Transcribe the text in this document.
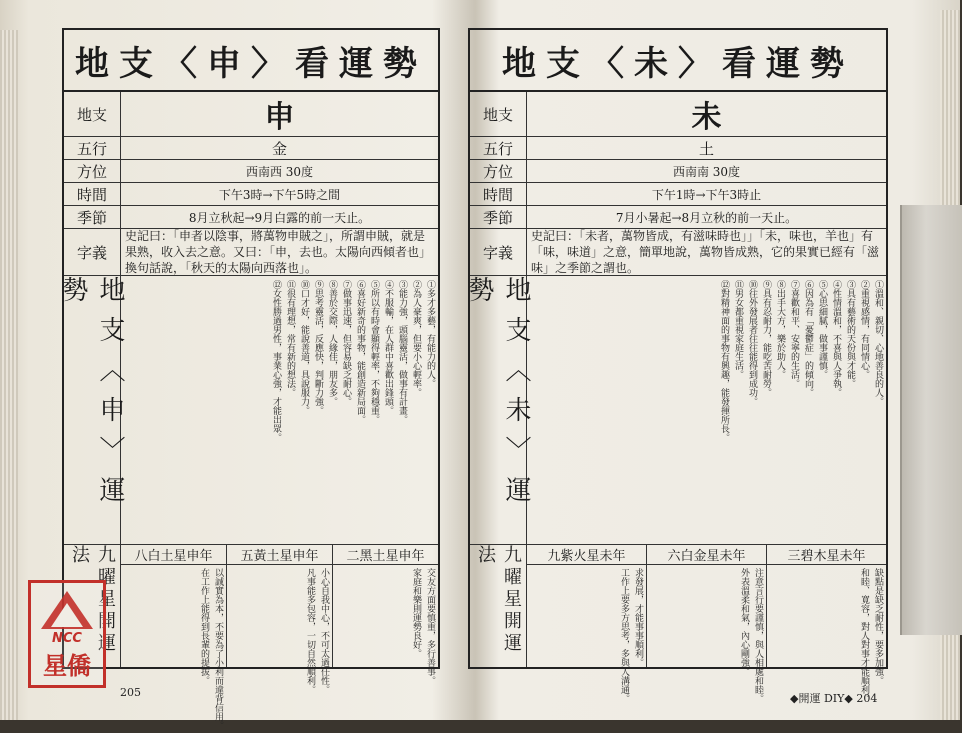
地支〈申〉看運勢
地支	申
五行	金
方位	西南西 30度
時間	下午3時→下午5時之間
季節	8月立秋起→9月白露的前一天止。
字義
史記曰：「申者以陰事，將萬物申賊之」，所謂申賊，就是果熟，收入去之意。又曰：「申，去也。太陽向西傾者也」換句話說，「秋天的太陽向西落也」。
地支〈申〉運勢	①多才多藝，有能力的人。
②為人豪爽，但要小心輕率。
③能力強，頭腦靈活，做事有計畫。
④不服輸，在人群中喜歡出鋒頭。
⑤所以有時會顯得輕率，不夠穩重。
⑥喜好新奇的事物，能創造新局面。
⑦做事迅速，但容易缺乏耐心。
⑧善於交際，人緣佳，朋友多。
⑨思考靈活，反應快，判斷力強。
⑩口才好，能說善道，具說服力。
⑪很有理想，常有新的想法。
⑫女性勝過男性，事業心強，才能出眾。
九曜星開運法	八白土星申年
以誠實為本，不要為了小利而違背信用。
在工作上能得到長輩的提拔。
五黃土星申年
小心自我中心，不可太過任性。
凡事能多包容，一切自然順利。
二黑土星申年
交友方面要慎重，多行善事。
家庭和樂則運勢良好。
205
地支〈未〉看運勢
地支	未
五行	土
方位	西南南 30度
時間	下午1時→下午3時止
季節	7月小暑起→8月立秋的前一天止。
字義
史記曰：「未者，萬物皆成，有滋味時也」」「未，味也，羊也」有「味，味道」之意，簡單地說，萬物皆成熟，它的果實已經有「滋味」之季節之謂也。
地支〈未〉運勢	①溫和、親切、心地善良的人。
②重視感情，有同情心。
③具有藝術的天份與才能。
④性情溫和，不喜與人爭執。
⑤心思細膩，做事謹慎。
⑥因為有「憂鬱症」的傾向。
⑦喜歡和平、安寧的生活。
⑧出手大方，樂於助人。
⑨具有忍耐力，能吃苦耐勞。
⑩往外發展者往往能得到成功。
⑪男女都重視家庭生活。
⑫對精神面的事物有興趣，能發揮所長。
九曜星開運法	九紫火星未年
求發展，才能事事順利。
工作上要多方思考，多與人溝通。
六白金星未年
注意言行要謹慎，與人相處和睦。
外表溫柔和氣，內心剛強。
三碧木星未年
缺點是缺乏耐性，要多加強。
和睦、寬容，對人對事才能順利。
◆開運 DIY◆ 204
NCC
星僑
